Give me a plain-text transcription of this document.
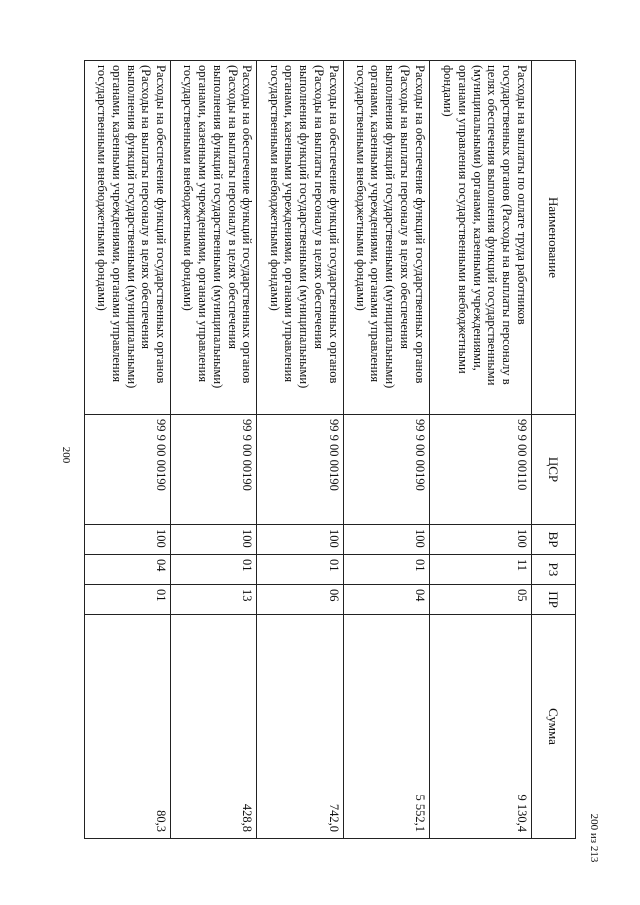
200
Наименование	ЦСР	ВР	РЗ	ПР	Сумма
Расходы на выплаты по оплате труда работников государственных органов (Расходы на выплаты персоналу в целях обеспечения выполнения функций государственными (муниципальными) органами, казенными учреждениями, органами управления государственными внебюджетными фондами)	99 9 00 00110	100	11	05	9 130,4
Расходы на обеспечение функций государственных органов (Расходы на выплаты персоналу в целях обеспечения выполнения функций государственными (муниципальными) органами, казенными учреждениями, органами управления государственными внебюджетными фондами)	99 9 00 00190	100	01	04	5 552,1
Расходы на обеспечение функций государственных органов (Расходы на выплаты персоналу в целях обеспечения выполнения функций государственными (муниципальными) органами, казенными учреждениями, органами управления государственными внебюджетными фондами)	99 9 00 00190	100	01	06	742,0
Расходы на обеспечение функций государственных органов (Расходы на выплаты персоналу в целях обеспечения выполнения функций государственными (муниципальными) органами, казенными учреждениями, органами управления государственными внебюджетными фондами)	99 9 00 00190	100	01	13	428,8
Расходы на обеспечение функций государственных органов (Расходы на выплаты персоналу в целях обеспечения выполнения функций государственными (муниципальными) органами, казенными учреждениями, органами управления государственными внебюджетными фондами)	99 9 00 00190	100	04	01	80,3	200 из 213
